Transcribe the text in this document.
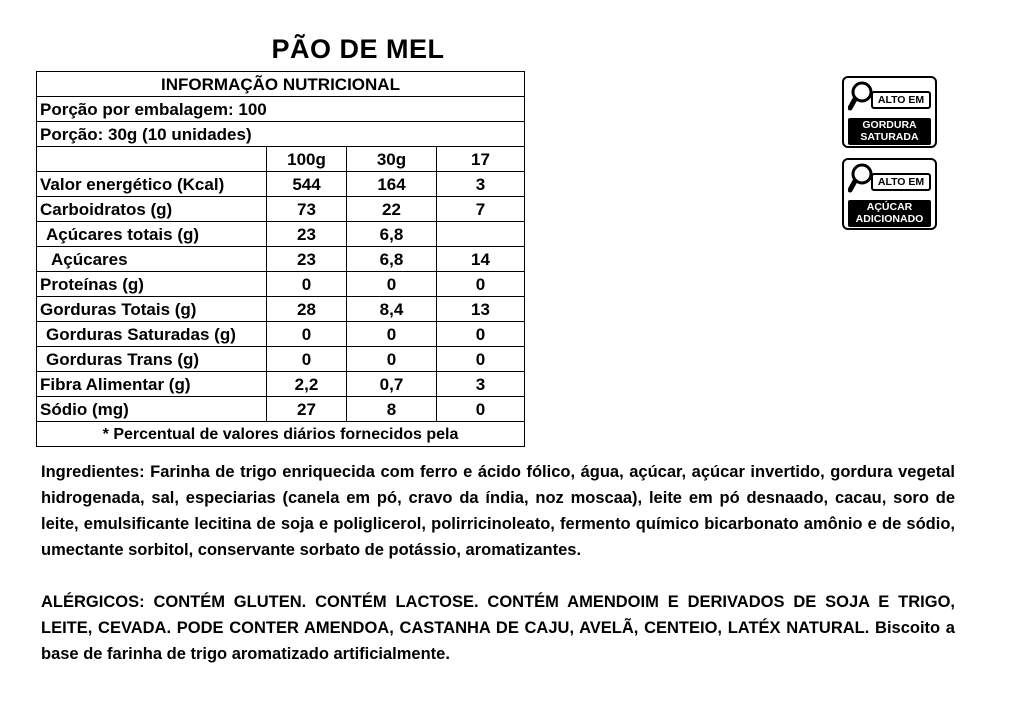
PÃO DE MEL
INFORMAÇÃO NUTRICIONAL			
Porção por embalagem: 100			
Porção: 30g (10 unidades)			
	100g	30g	17
Valor energético (Kcal)	544	164	3
Carboidratos (g)	73	22	7
Açúcares totais (g)	23	6,8	
Açúcares	23	6,8	14
Proteínas (g)	0	0	0
Gorduras Totais (g)	28	8,4	13
Gorduras Saturadas (g)	0	0	0
Gorduras Trans (g)	0	0	0
Fibra Alimentar (g)	2,2	0,7	3
Sódio (mg)	27	8	0
* Percentual de valores diários fornecidos pela			
Ingredientes: Farinha de trigo enriquecida com ferro e ácido fólico, água, açúcar, açúcar invertido, gordura vegetal hidrogenada, sal, especiarias (canela em pó, cravo da índia, noz moscaa), leite em pó desnaado, cacau, soro de leite, emulsificante lecitina de soja e poliglicerol, polirricinoleato, fermento químico bicarbonato amônio e de sódio, umectante sorbitol, conservante sorbato de potássio, aromatizantes.
ALÉRGICOS: CONTÉM GLUTEN. CONTÉM LACTOSE. CONTÉM AMENDOIM E DERIVADOS DE SOJA E TRIGO, LEITE, CEVADA. PODE CONTER AMENDOA, CASTANHA DE CAJU, AVELÃ, CENTEIO, LATÉX NATURAL. Biscoito a base de farinha de trigo aromatizado artificialmente.
ALTO EM
GORDURA
SATURADA
ALTO EM
AÇÚCAR
ADICIONADO
